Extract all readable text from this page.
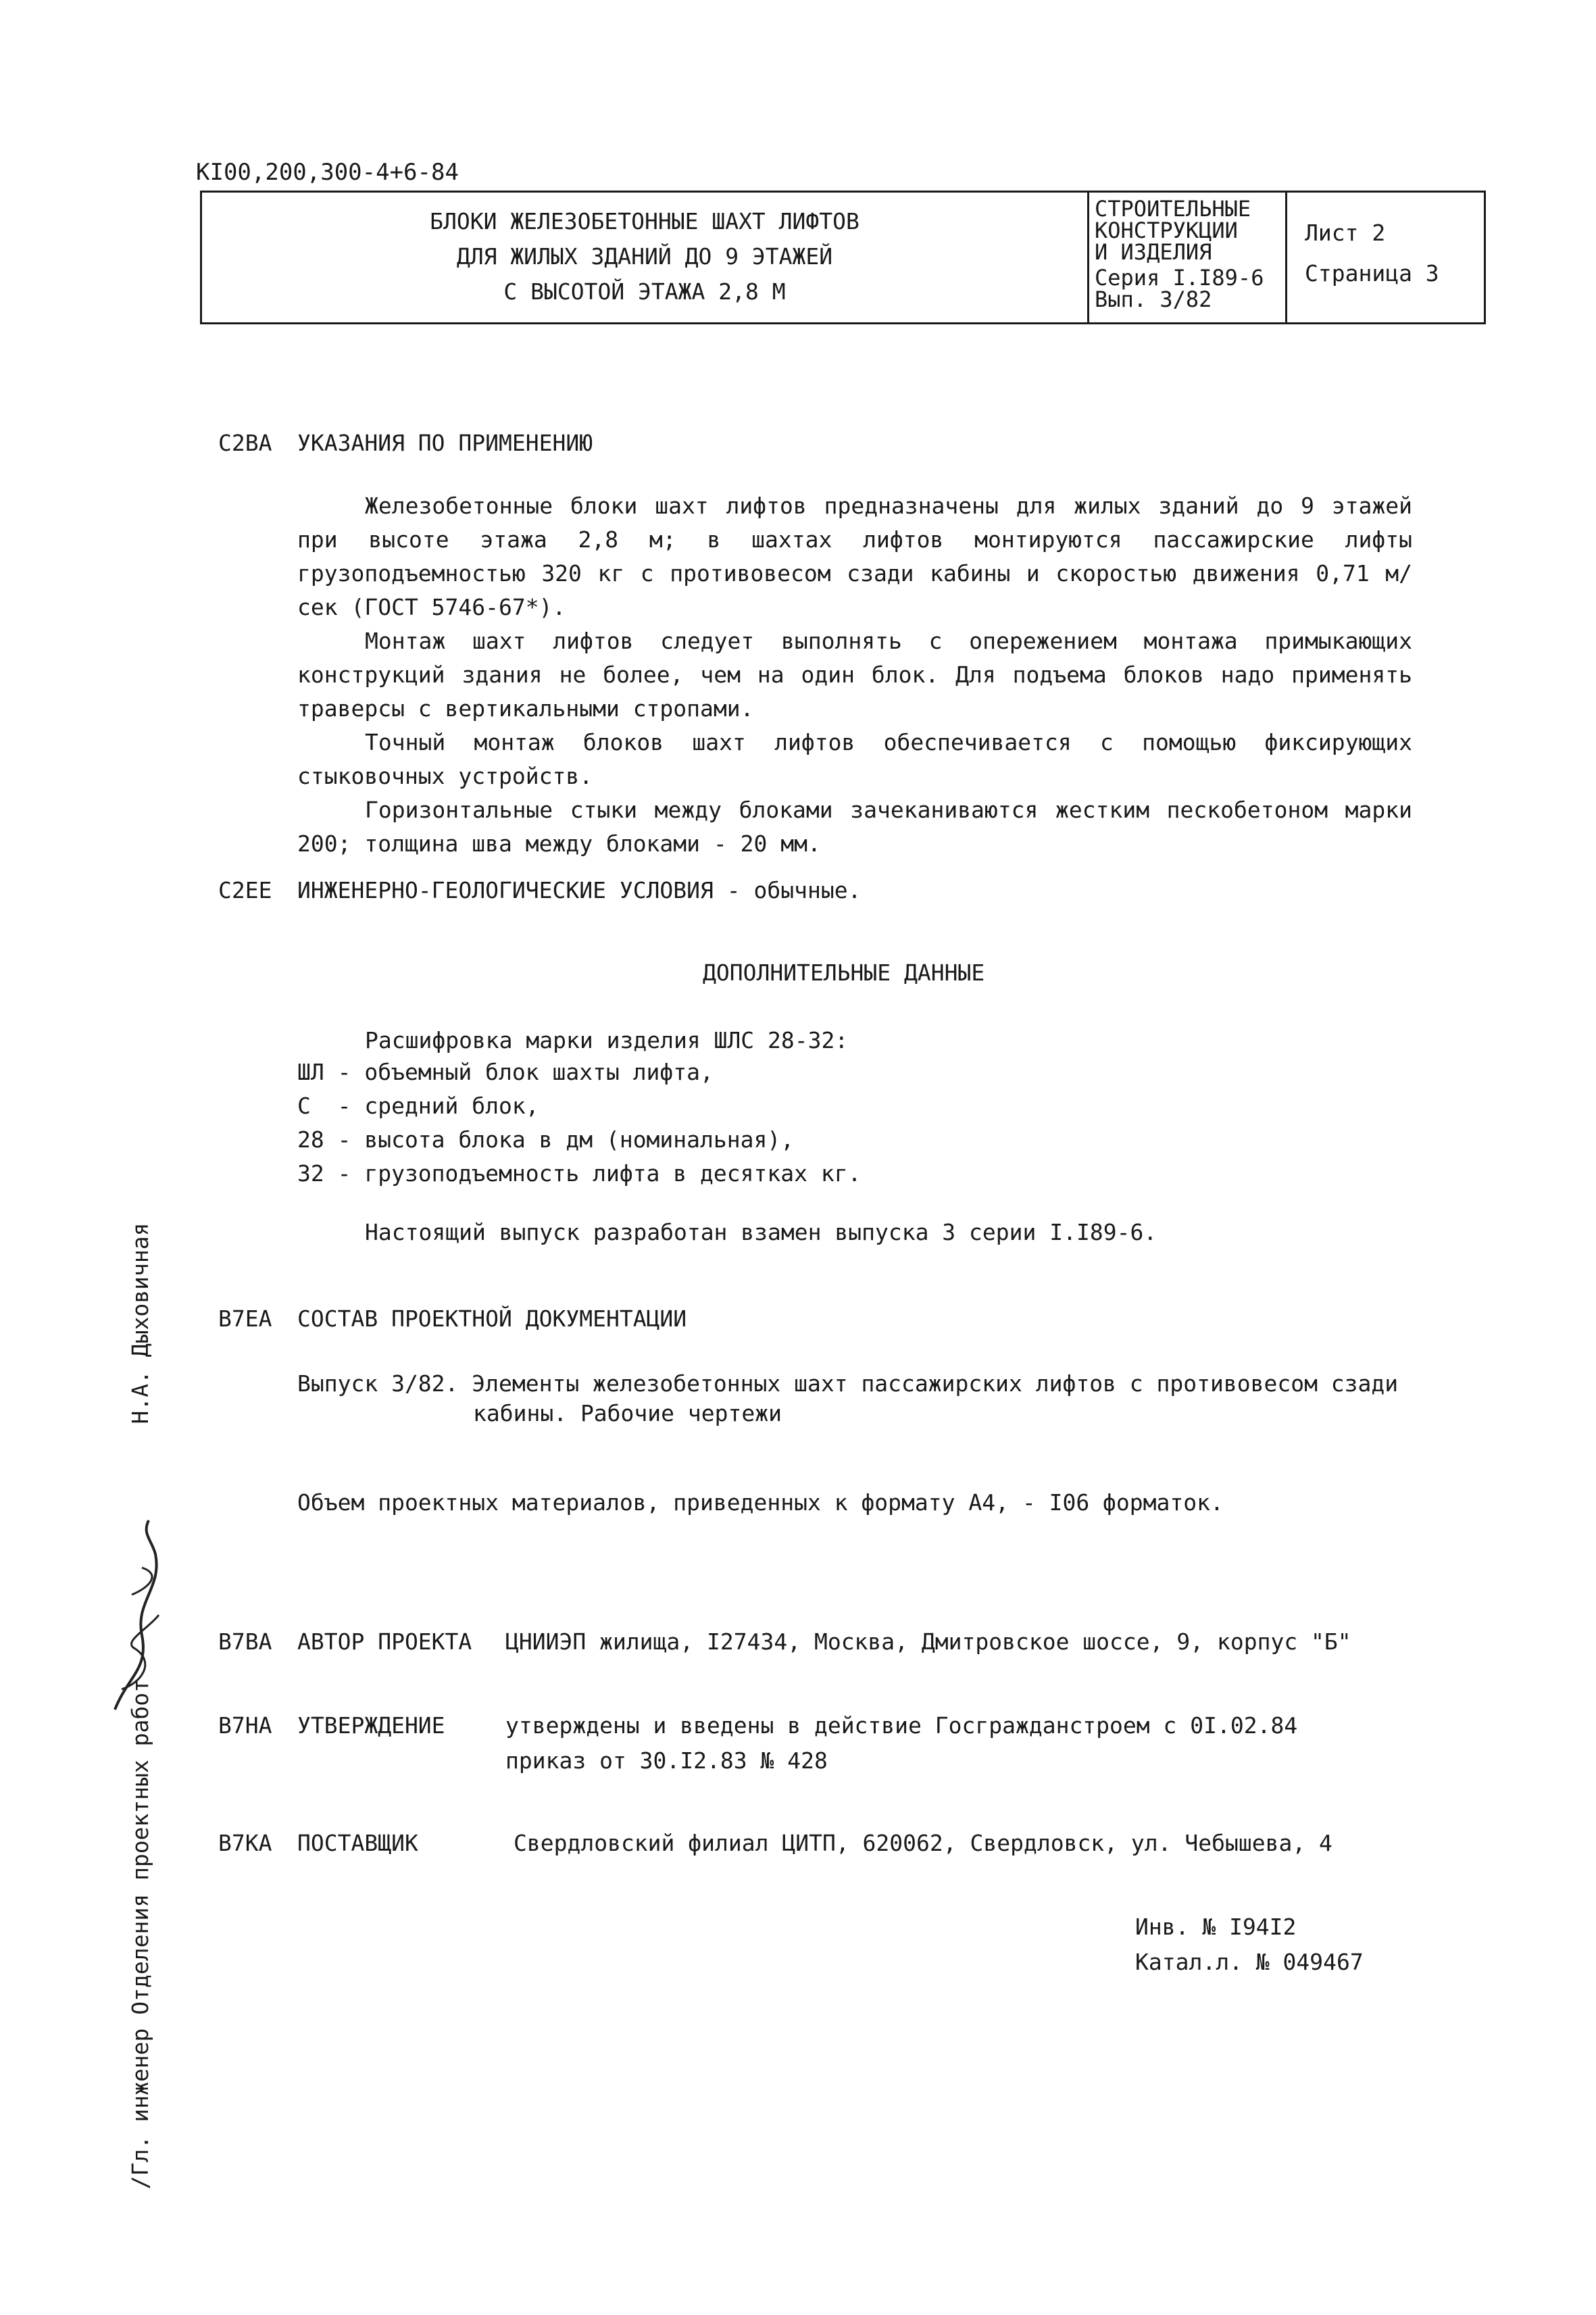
КI00,200,300-4+6-84
БЛОКИ ЖЕЛЕЗОБЕТОННЫЕ ШАХТ ЛИФТОВ
ДЛЯ ЖИЛЫХ ЗДАНИЙ ДО 9 ЭТАЖЕЙ
С ВЫСОТОЙ ЭТАЖА 2,8 М
СТРОИТЕЛЬНЫЕ
КОНСТРУКЦИИ
И ИЗДЕЛИЯ
Серия I.I89-6
Вып. 3/82
Лист 2
Страница 3
С2ВА УКАЗАНИЯ ПО ПРИМЕНЕНИЮ

Железобетонные блоки шахт лифтов предназначены для жилых зданий до 9 этажей при высоте этажа 2,8 м; в шахтах лифтов монтируются пассажирские лифты грузоподъемностью 320 кг с противовесом сзади кабины и скоростью движения 0,71 м/сек (ГОСТ 5746-67*).

Монтаж шахт лифтов следует выполнять с опережением монтажа примыкающих конструкций здания не более, чем на один блок. Для подъема блоков надо применять траверсы с вертикальными стропами.

Точный монтаж блоков шахт лифтов обеспечивается с помощью фиксирующих стыковочных устройств.

Горизонтальные стыки между блоками зачеканиваются жестким пескобетоном марки 200; толщина шва между блоками - 20 мм.

С2ЕЕ ИНЖЕНЕРНО-ГЕОЛОГИЧЕСКИЕ УСЛОВИЯ - обычные.
ДОПОЛНИТЕЛЬНЫЕ ДАННЫЕ
Расшифровка марки изделия ШЛС 28-32:
ШЛ - объемный блок шахты лифта,
С  - средний блок,
28 - высота блока в дм (номинальная),
32 - грузоподъемность лифта в десятках кг.
Настоящий выпуск разработан взамен выпуска 3 серии I.I89-6.
В7ЕА СОСТАВ ПРОЕКТНОЙ ДОКУМЕНТАЦИИ
Выпуск 3/82. Элементы железобетонных шахт пассажирских лифтов с противовесом сзади
кабины. Рабочие чертежи
Объем проектных материалов, приведенных к формату А4, - I06 форматок.
В7ВА АВТОР ПРОЕКТА ЦНИИЭП жилища, I27434, Москва, Дмитровское шоссе, 9, корпус "Б"
В7НА УТВЕРЖДЕНИЕ	утверждены и введены в действие Госгражданстроем с 0I.02.84
приказ от 30.I2.83 № 428
В7КА ПОСТАВЩИК	Свердловский филиал ЦИТП, 620062, Свердловск, ул. Чебышева, 4
Инв. № I94I2
Катал.л. № 049467
/Гл. инженер Отделения проектных работ                   Н.А. Дыховичная
